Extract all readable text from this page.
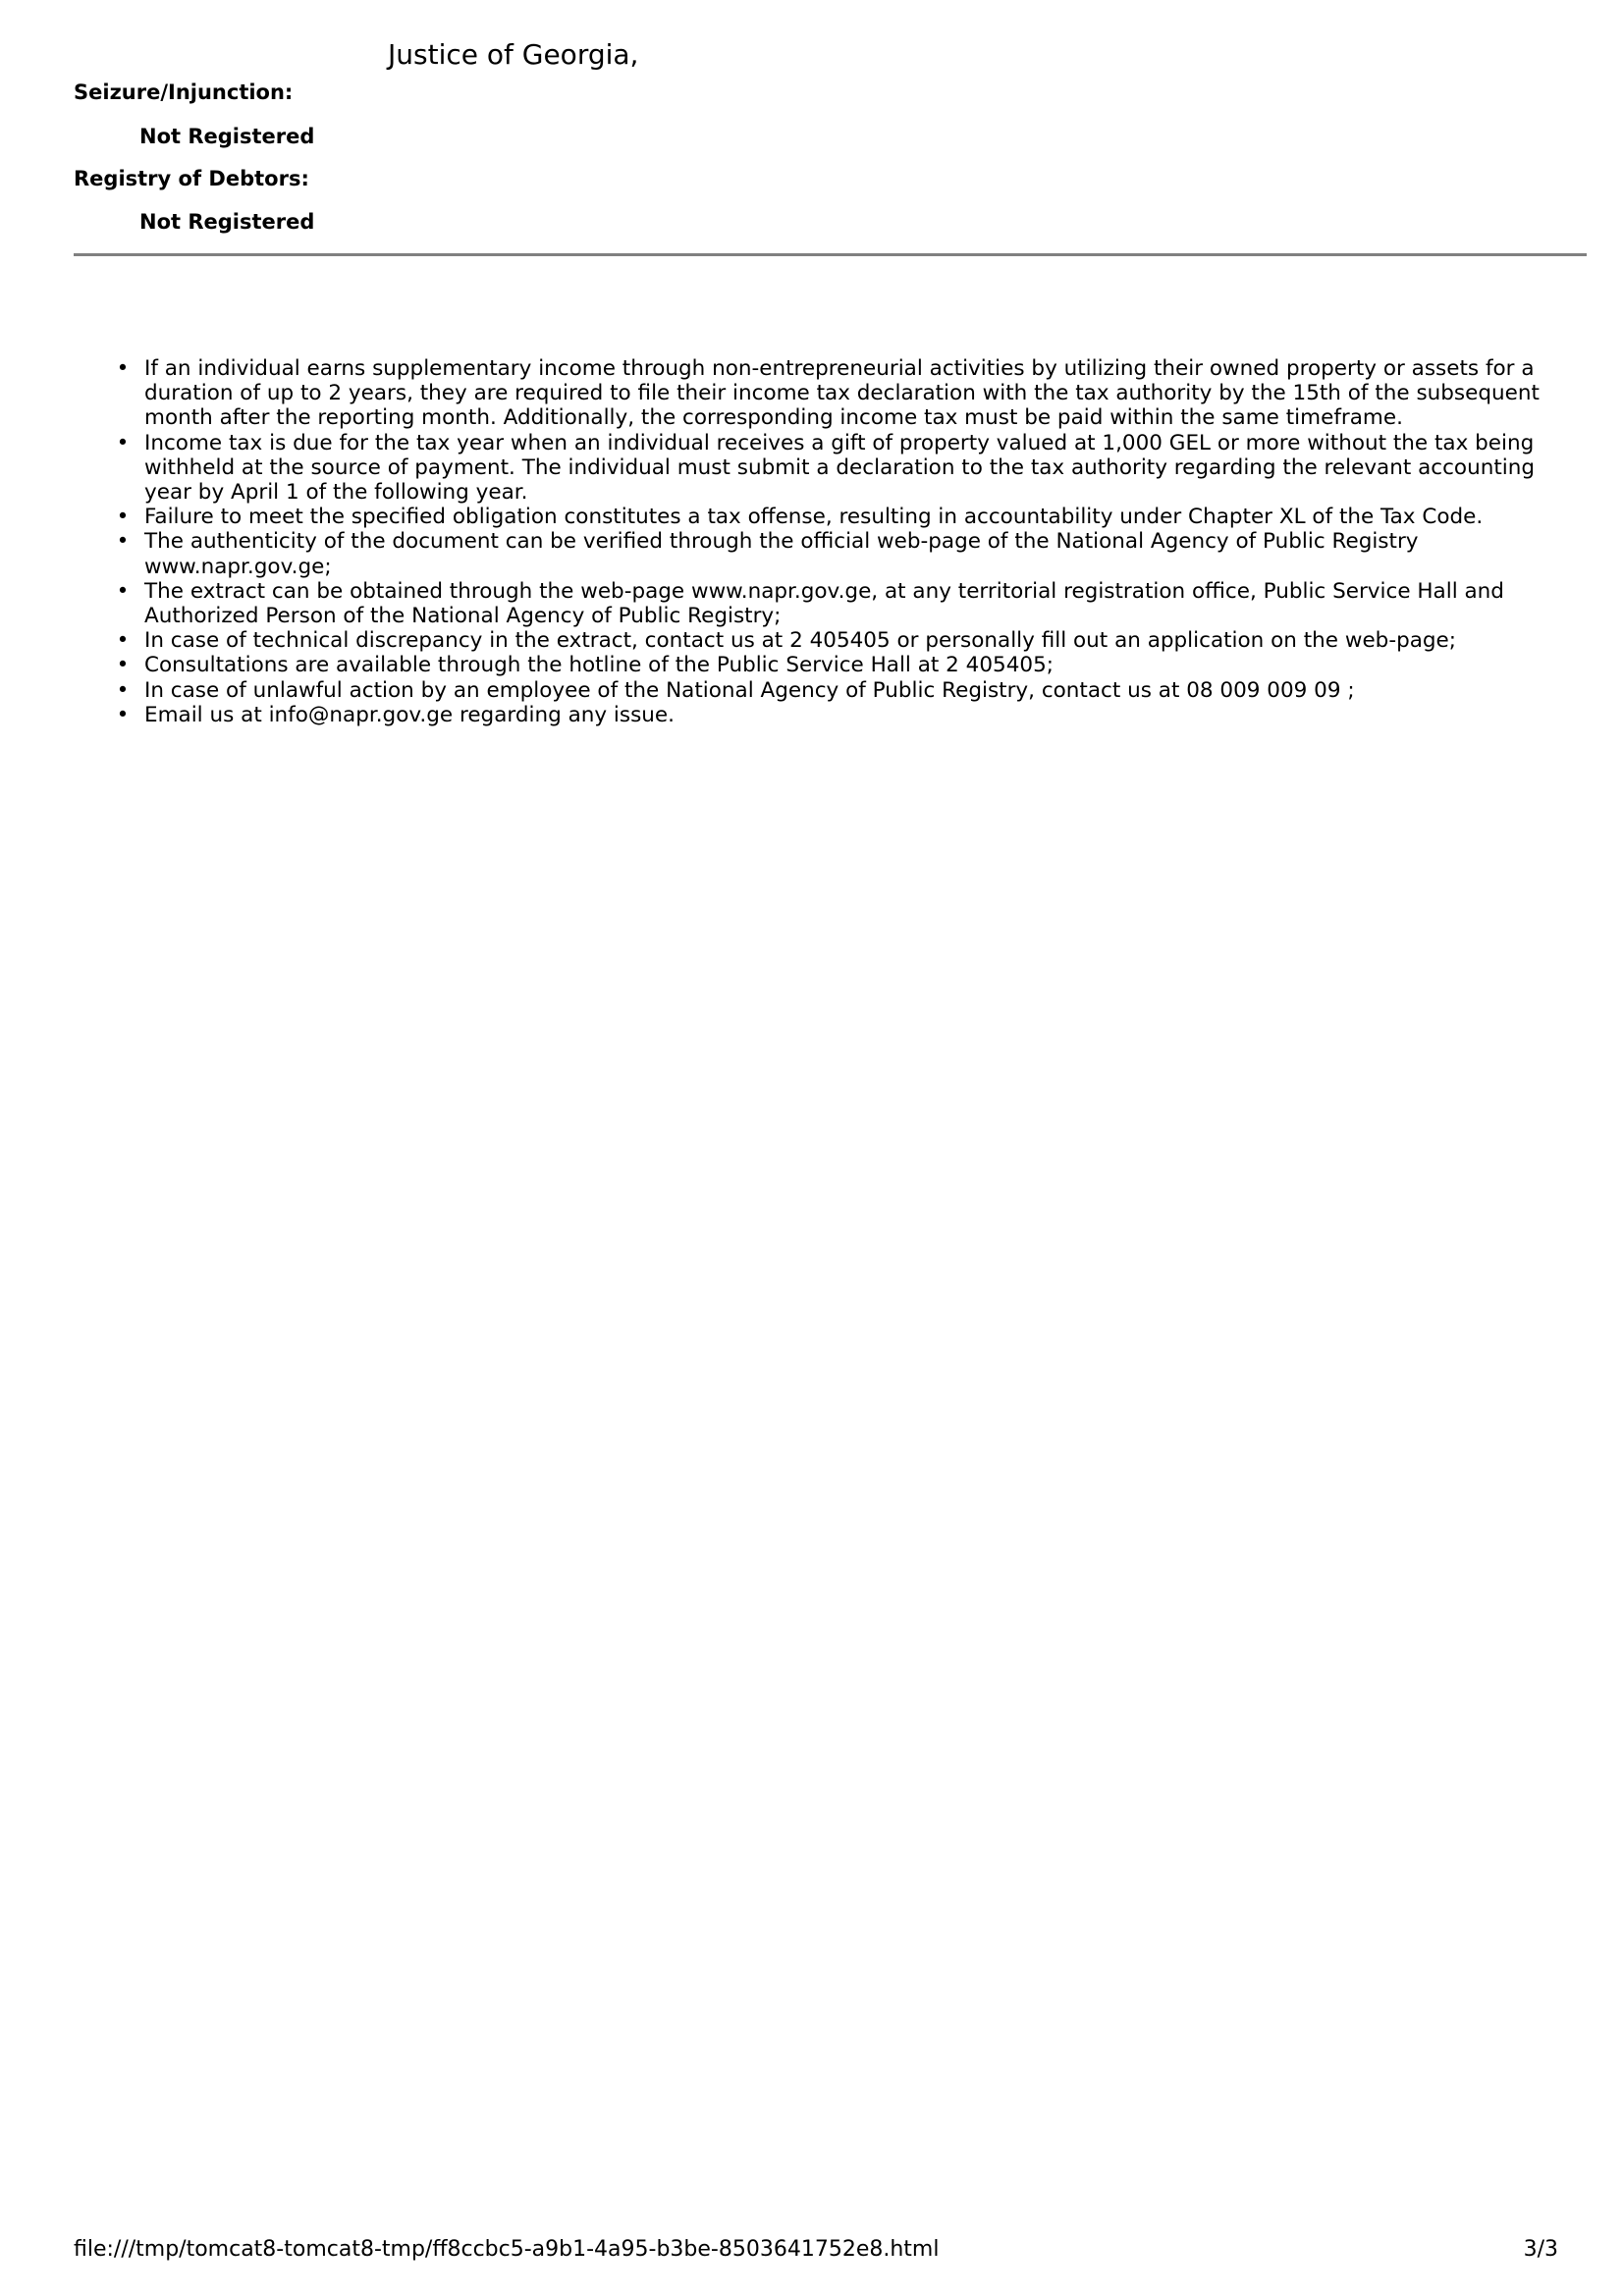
Justice of Georgia,
Seizure/Injunction:
Not Registered
Registry of Debtors:
Not Registered
• If an individual earns supplementary income through non-entrepreneurial activities by utilizing their owned property or assets for a duration of up to 2 years, they are required to file their income tax declaration with the tax authority by the 15th of the subsequent month after the reporting month. Additionally, the corresponding income tax must be paid within the same timeframe.
• Income tax is due for the tax year when an individual receives a gift of property valued at 1,000 GEL or more without the tax being withheld at the source of payment. The individual must submit a declaration to the tax authority regarding the relevant accounting year by April 1 of the following year.
• Failure to meet the specified obligation constitutes a tax offense, resulting in accountability under Chapter XL of the Tax Code.
• The authenticity of the document can be verified through the official web-page of the National Agency of Public Registry www.napr.gov.ge;
• The extract can be obtained through the web-page www.napr.gov.ge, at any territorial registration office, Public Service Hall and Authorized Person of the National Agency of Public Registry;
• In case of technical discrepancy in the extract, contact us at 2 405405 or personally fill out an application on the web-page;
• Consultations are available through the hotline of the Public Service Hall at 2 405405;
• In case of unlawful action by an employee of the National Agency of Public Registry, contact us at 08 009 009 09 ;
• Email us at info@napr.gov.ge regarding any issue.
file:///tmp/tomcat8-tomcat8-tmp/ff8ccbc5-a9b1-4a95-b3be-8503641752e8.html	3/3
